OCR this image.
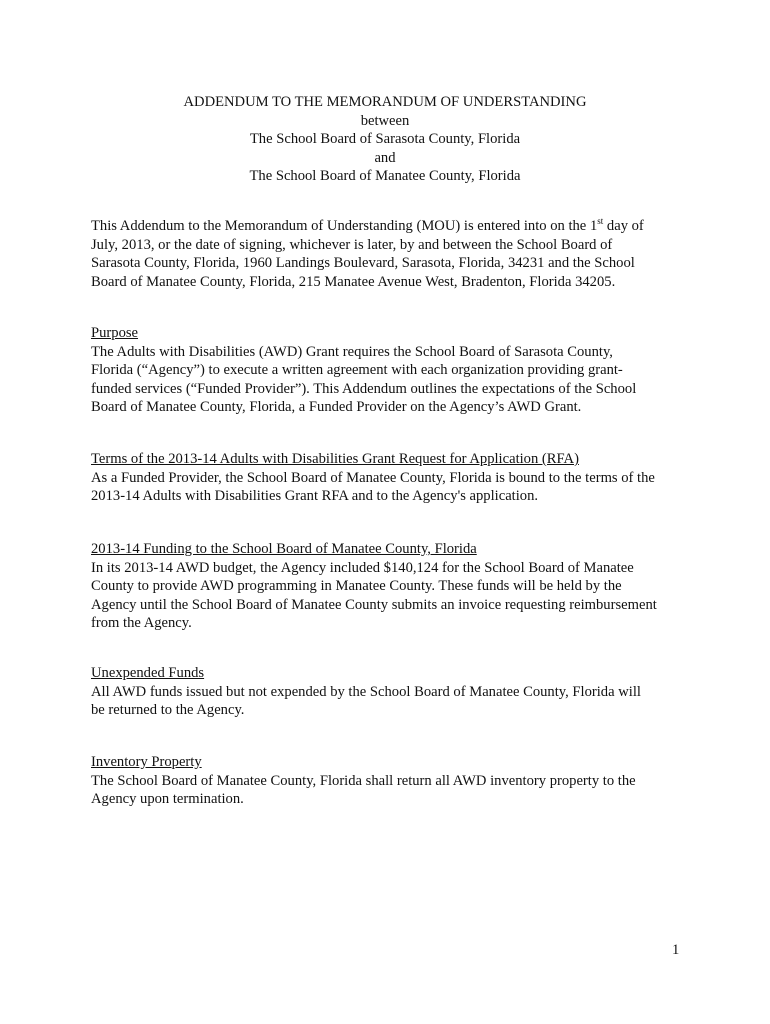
ADDENDUM TO THE MEMORANDUM OF UNDERSTANDING
between
The School Board of Sarasota County, Florida
and
The School Board of Manatee County, Florida
This Addendum to the Memorandum of Understanding (MOU) is entered into on the 1st day of
July, 2013, or the date of signing, whichever is later, by and between the School Board of
Sarasota County, Florida, 1960 Landings Boulevard, Sarasota, Florida, 34231 and the School
Board of Manatee County, Florida, 215 Manatee Avenue West, Bradenton, Florida 34205.
Purpose
The Adults with Disabilities (AWD) Grant requires the School Board of Sarasota County,
Florida (“Agency”) to execute a written agreement with each organization providing grant-
funded services (“Funded Provider”). This Addendum outlines the expectations of the School
Board of Manatee County, Florida, a Funded Provider on the Agency’s AWD Grant.
Terms of the 2013-14 Adults with Disabilities Grant Request for Application (RFA)
As a Funded Provider, the School Board of Manatee County, Florida is bound to the terms of the
2013-14 Adults with Disabilities Grant RFA and to the Agency's application.
2013-14 Funding to the School Board of Manatee County, Florida
In its 2013-14 AWD budget, the Agency included $140,124 for the School Board of Manatee
County to provide AWD programming in Manatee County. These funds will be held by the
Agency until the School Board of Manatee County submits an invoice requesting reimbursement
from the Agency.
Unexpended Funds
All AWD funds issued but not expended by the School Board of Manatee County, Florida will
be returned to the Agency.
Inventory Property
The School Board of Manatee County, Florida shall return all AWD inventory property to the
Agency upon termination.
1
